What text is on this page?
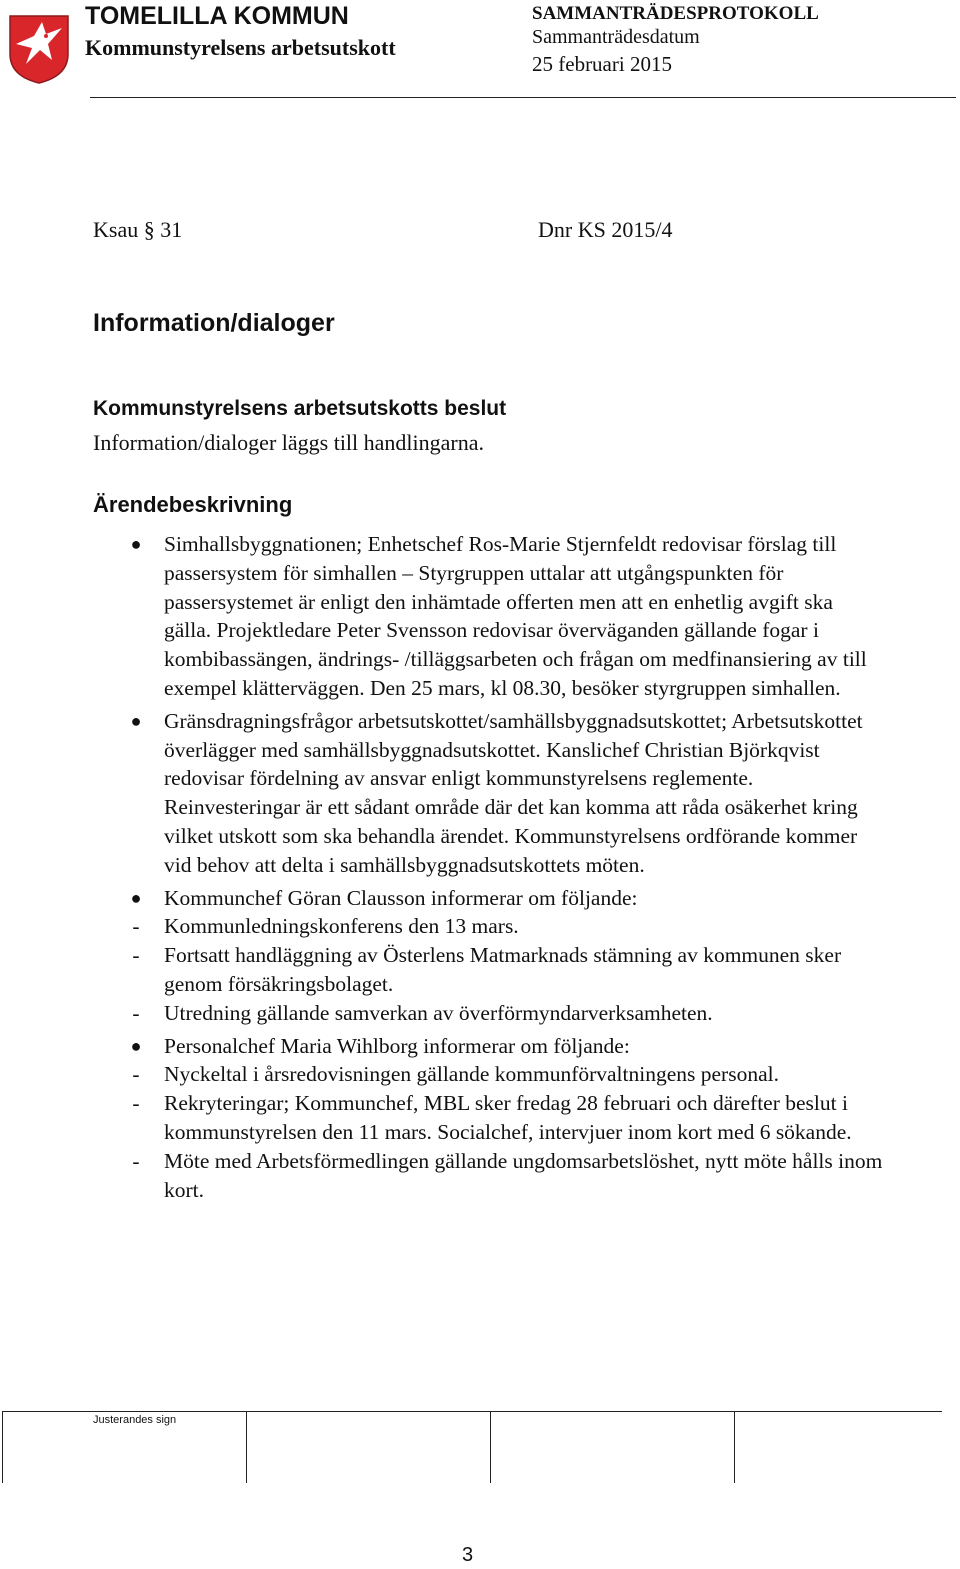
TOMELILLA KOMMUN
Kommunstyrelsens arbetsutskott
SAMMANTRÄDESPROTOKOLL
Sammanträdesdatum
25 februari 2015
Ksau § 31	Dnr KS 2015/4
Information/dialoger
Kommunstyrelsens arbetsutskotts beslut
Information/dialoger läggs till handlingarna.
Ärendebeskrivning
● Simhallsbyggnationen; Enhetschef Ros-Marie Stjernfeldt redovisar förslag till passersystem för simhallen – Styrgruppen uttalar att utgångspunkten för passersystemet är enligt den inhämtade offerten men att en enhetlig avgift ska gälla. Projektledare Peter Svensson redovisar överväganden gällande fogar i kombibassängen, ändrings- /tilläggsarbeten och frågan om medfinansiering av till exempel klätterväggen. Den 25 mars, kl 08.30, besöker styrgruppen simhallen.
● Gränsdragningsfrågor arbetsutskottet/samhällsbyggnadsutskottet; Arbetsutskottet överlägger med samhällsbyggnadsutskottet. Kanslichef Christian Björkqvist redovisar fördelning av ansvar enligt kommunstyrelsens reglemente. Reinvesteringar är ett sådant område där det kan komma att råda osäkerhet kring vilket utskott som ska behandla ärendet. Kommunstyrelsens ordförande kommer vid behov att delta i samhällsbyggnadsutskottets möten.
● Kommunchef Göran Clausson informerar om följande:
- Kommunledningskonferens den 13 mars.
- Fortsatt handläggning av Österlens Matmarknads stämning av kommunen sker genom försäkringsbolaget.
- Utredning gällande samverkan av överförmyndarverksamheten.
● Personalchef Maria Wihlborg informerar om följande:
- Nyckeltal i årsredovisningen gällande kommunförvaltningens personal.
- Rekryteringar; Kommunchef, MBL sker fredag 28 februari och därefter beslut i kommunstyrelsen den 11 mars. Socialchef, intervjuer inom kort med 6 sökande.
- Möte med Arbetsförmedlingen gällande ungdomsarbetslöshet, nytt möte hålls inom kort.
Justerandes sign
3
